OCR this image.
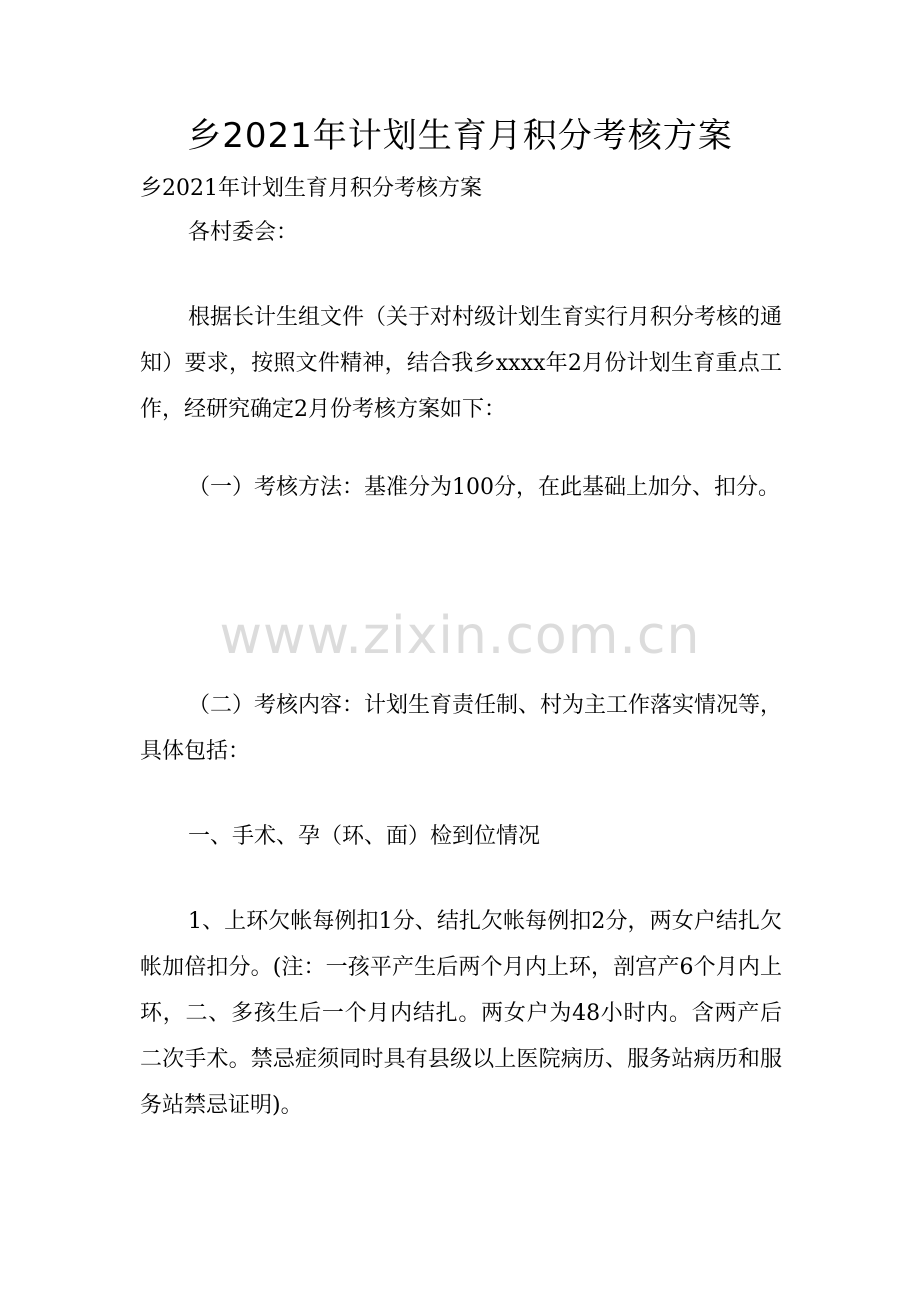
乡2021年计划生育月积分考核方案
乡2021年计划生育月积分考核方案
各村委会：
根据长计生组文件（关于对村级计划生育实行月积分考核的通知）要求，按照文件精神，结合我乡xxxx年2月份计划生育重点工作，经研究确定2月份考核方案如下：
（一）考核方法：基准分为100分，在此基础上加分、扣分。
www.zixin.com.cn
（二）考核内容：计划生育责任制、村为主工作落实情况等，具体包括：
一、手术、孕（环、面）检到位情况
1、上环欠帐每例扣1分、结扎欠帐每例扣2分，两女户结扎欠帐加倍扣分。(注：一孩平产生后两个月内上环，剖宫产6个月内上环，二、多孩生后一个月内结扎。两女户为48小时内。含两产后二次手术。禁忌症须同时具有县级以上医院病历、服务站病历和服务站禁忌证明)。
